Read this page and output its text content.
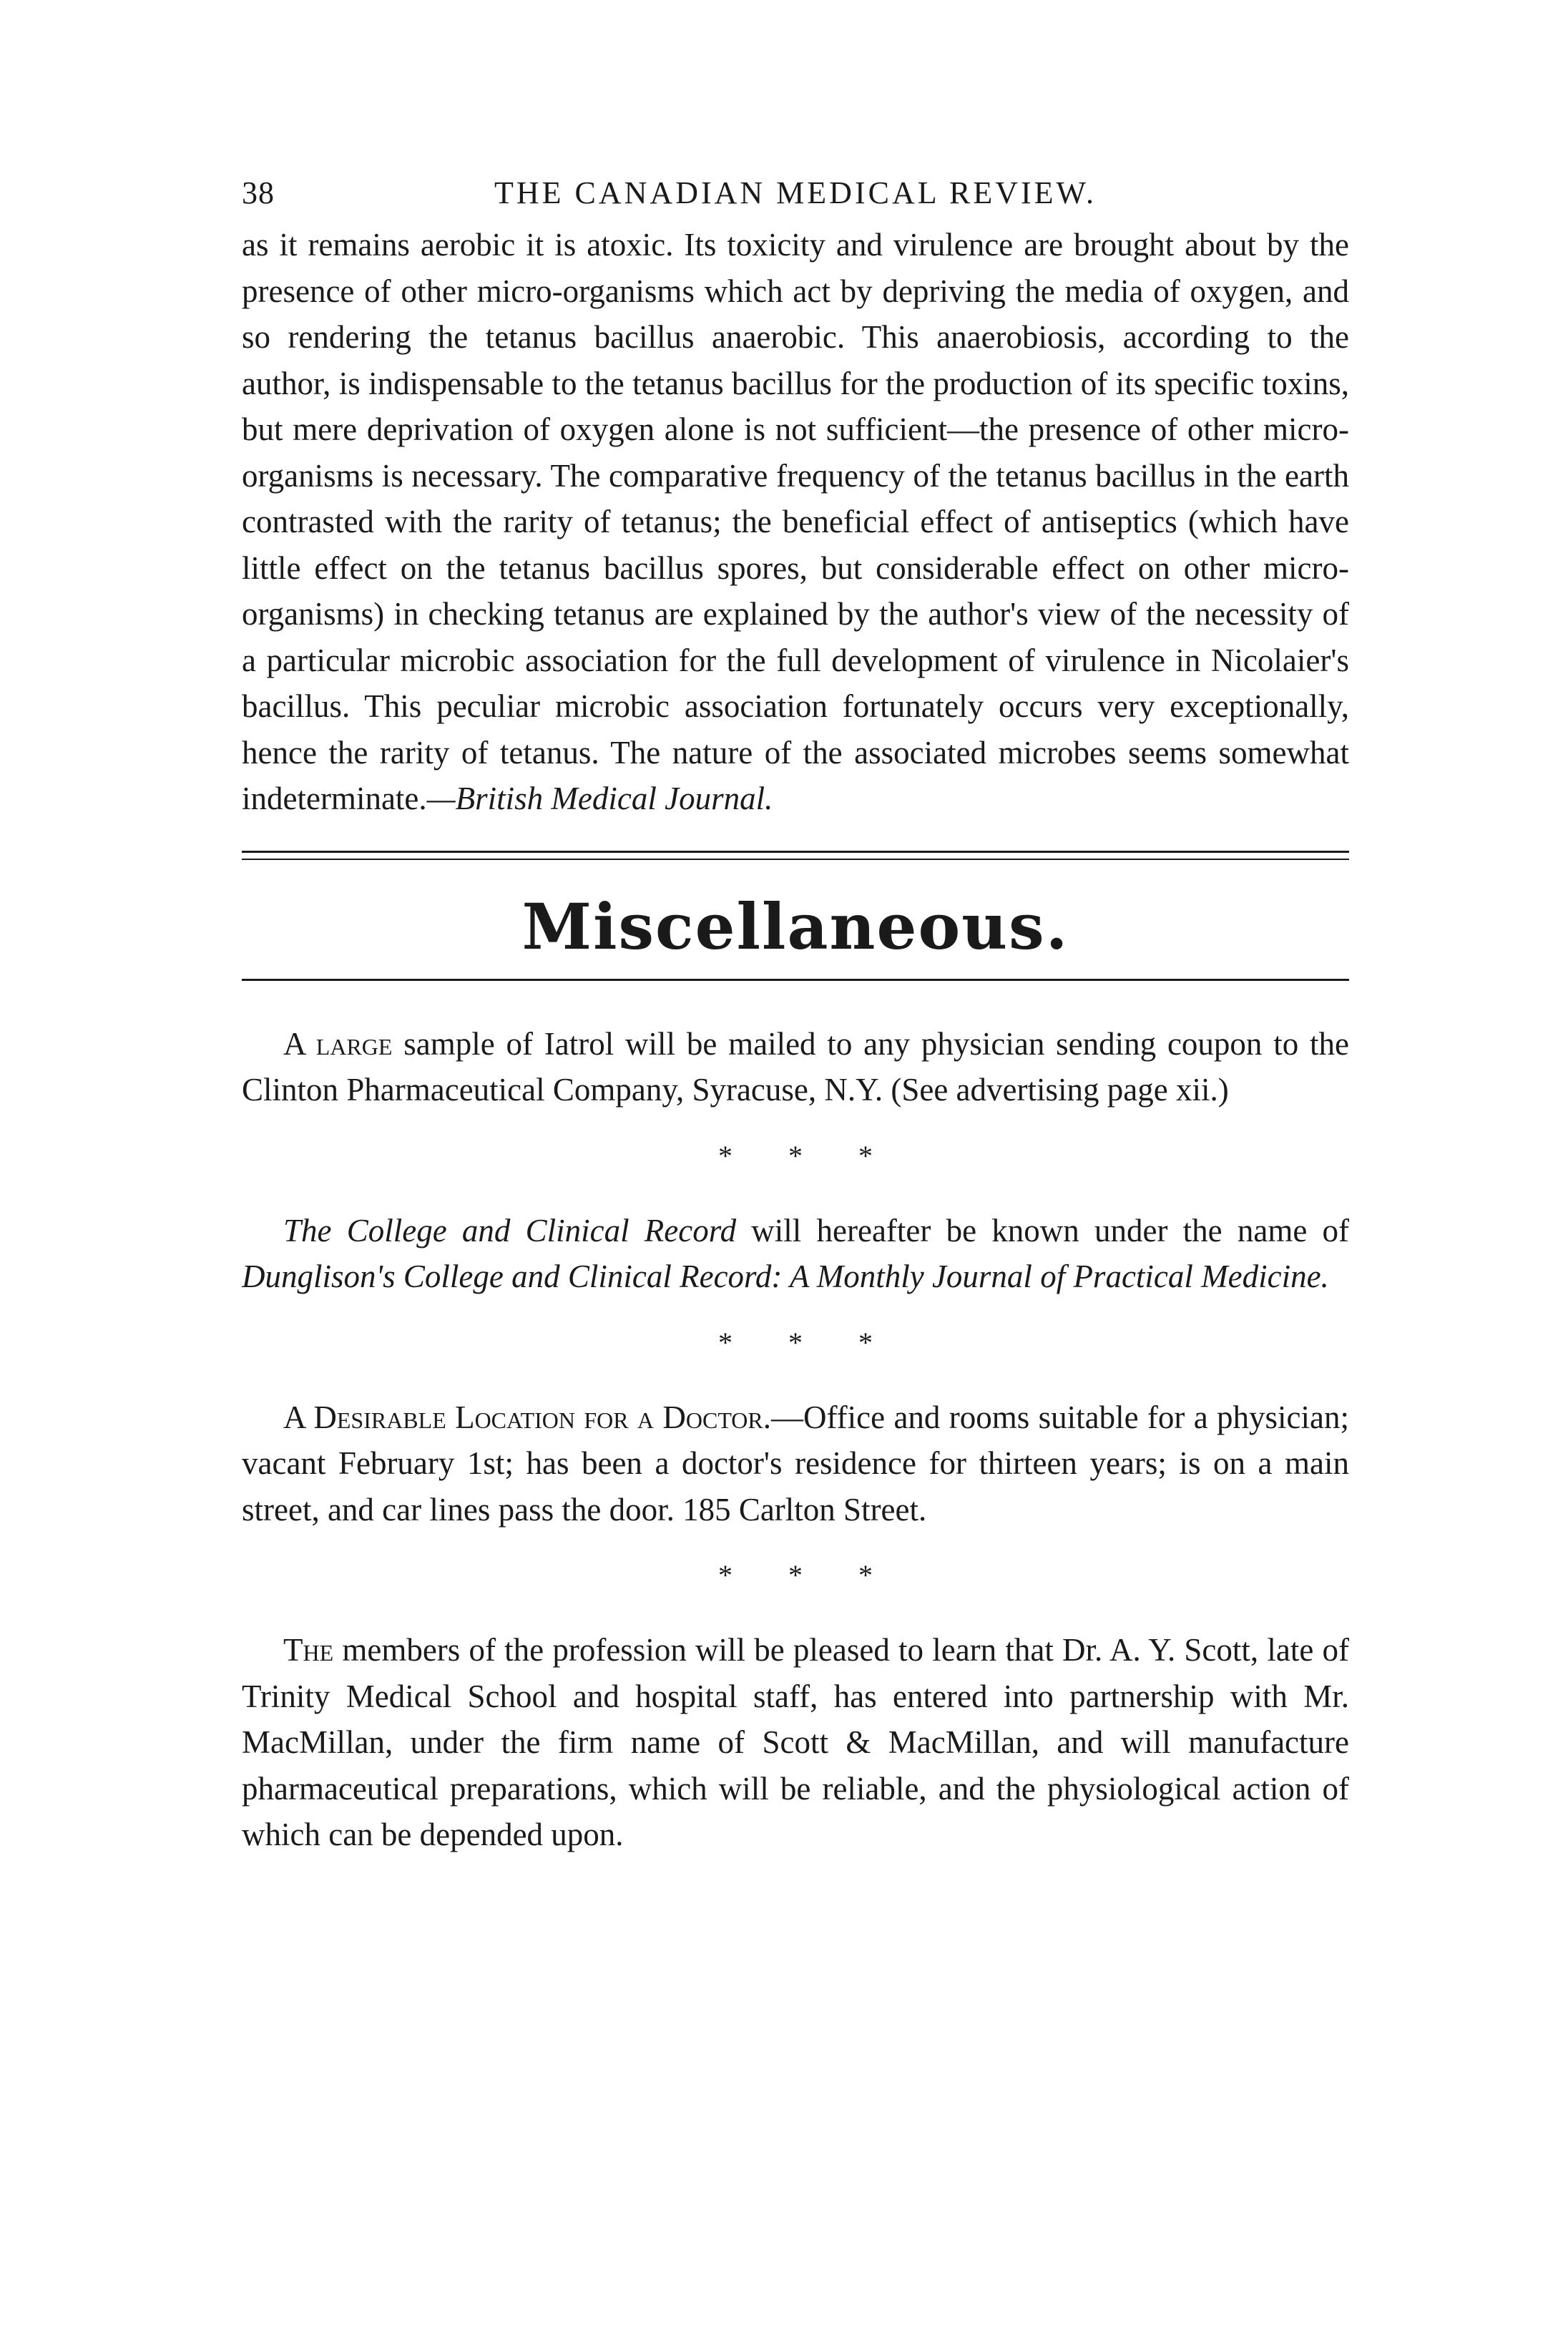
38	THE CANADIAN MEDICAL REVIEW.

as it remains aerobic it is atoxic. Its toxicity and virulence are brought about by the presence of other micro-organisms which act by depriving the media of oxygen, and so rendering the tetanus bacillus anaerobic. This anaerobiosis, according to the author, is indispensable to the tetanus bacillus for the production of its specific toxins, but mere deprivation of oxygen alone is not sufficient—the presence of other micro-organisms is necessary. The comparative frequency of the tetanus bacillus in the earth contrasted with the rarity of tetanus; the beneficial effect of antiseptics (which have little effect on the tetanus bacillus spores, but considerable effect on other micro-organisms) in checking tetanus are explained by the author's view of the necessity of a particular microbic association for the full development of virulence in Nicolaier's bacillus. This peculiar microbic association fortunately occurs very exceptionally, hence the rarity of tetanus. The nature of the associated microbes seems somewhat indeterminate.—British Medical Journal.

Miscellaneous.

A large sample of Iatrol will be mailed to any physician sending coupon to the Clinton Pharmaceutical Company, Syracuse, N.Y. (See advertising page xii.)

* * *

The College and Clinical Record will hereafter be known under the name of Dunglison's College and Clinical Record: A Monthly Journal of Practical Medicine.

* * *

A Desirable Location for a Doctor.—Office and rooms suitable for a physician; vacant February 1st; has been a doctor's residence for thirteen years; is on a main street, and car lines pass the door. 185 Carlton Street.

* * *

The members of the profession will be pleased to learn that Dr. A. Y. Scott, late of Trinity Medical School and hospital staff, has entered into partnership with Mr. MacMillan, under the firm name of Scott & MacMillan, and will manufacture pharmaceutical preparations, which will be reliable, and the physiological action of which can be depended upon.
